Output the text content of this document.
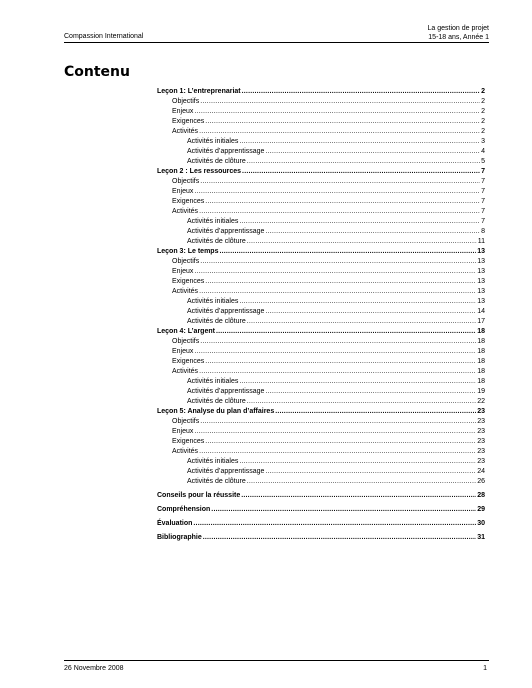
La gestion de projet
15-18 ans, Année 1
Compassion International
Contenu
Leçon 1: L’entreprenariat .....	2
Objectifs .....	2
Enjeux .....	2
Exigences .....	2
Activités .....	2
Activités initiales .....	3
Activités d’apprentissage .....	4
Activités de clôture .....	5
Leçon 2 : Les ressources .....	7
Objectifs .....	7
Enjeux .....	7
Exigences .....	7
Activités .....	7
Activités initiales .....	7
Activités d’apprentissage .....	8
Activités de clôture .....	11
Leçon 3: Le temps .....	13
Objectifs .....	13
Enjeux .....	13
Exigences .....	13
Activités .....	13
Activités initiales .....	13
Activités d’apprentissage .....	14
Activités de clôture .....	17
Leçon 4: L’argent .....	18
Objectifs .....	18
Enjeux .....	18
Exigences .....	18
Activités .....	18
Activités initiales .....	18
Activités d’apprentissage .....	19
Activités de clôture .....	22
Leçon 5: Analyse du plan d’affaires .....	23
Objectifs .....	23
Enjeux .....	23
Exigences .....	23
Activités .....	23
Activités initiales .....	23
Activités d’apprentissage .....	24
Activités de clôture .....	26
Conseils pour la réussite .....	28
Compréhension .....	29
Évaluation .....	30
Bibliographie .....	31
26 Novembre 2008	1
